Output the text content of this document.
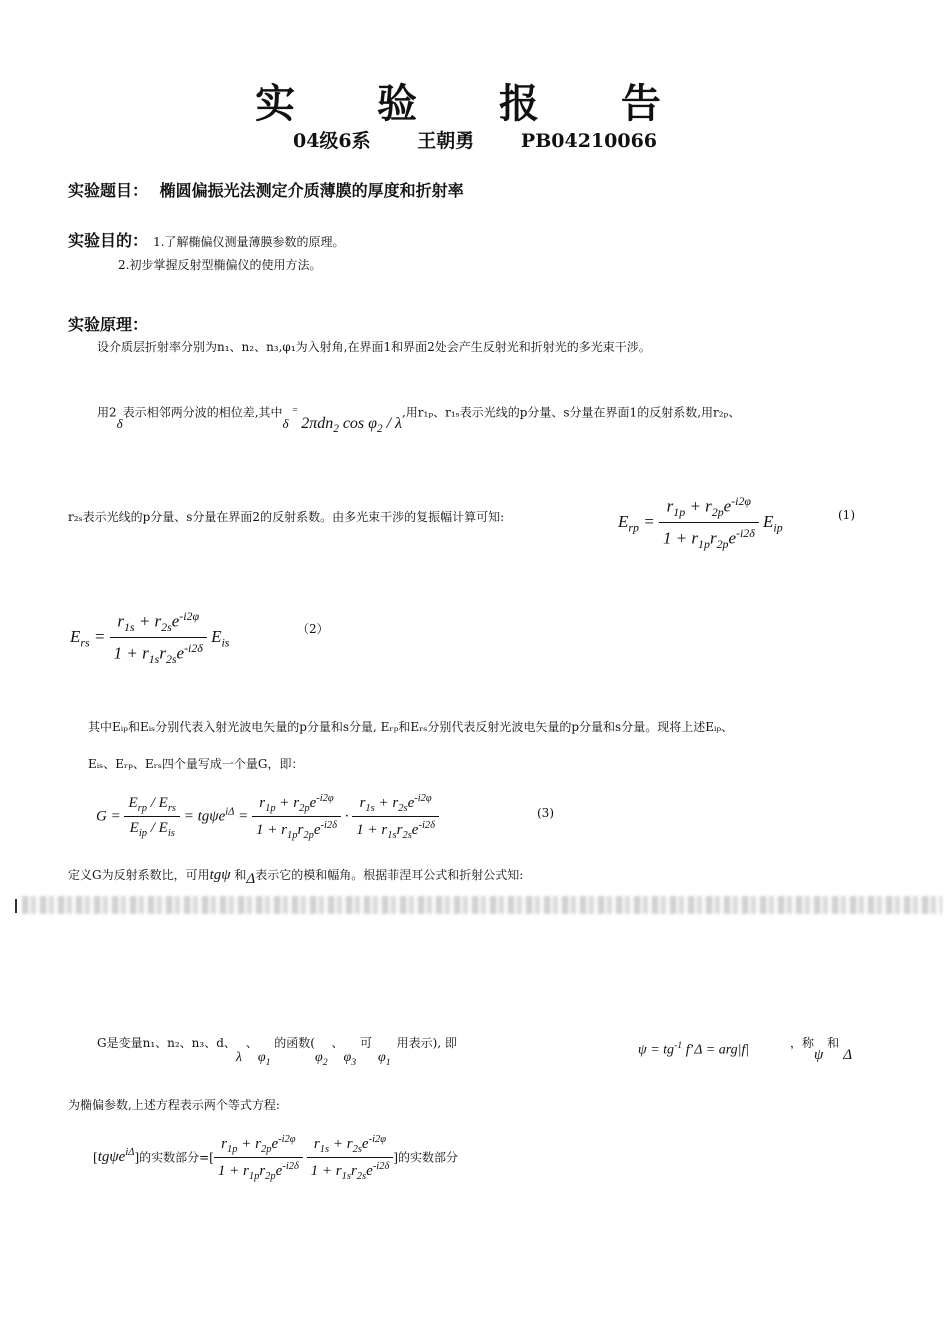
实 验 报 告
04级6系 王朝勇 PB04210066
实验题目： 椭圆偏振光法测定介质薄膜的厚度和折射率
实验目的： 1.了解椭偏仪测量薄膜参数的原理。
2.初步掌握反射型椭偏仪的使用方法。
实验原理：
设介质层折射率分别为n₁、n₂、n₃,φ₁为入射角,在界面1和界面2处会产生反射光和折射光的多光束干涉。
用2δ表示相邻两分波的相位差,其中δ = 2πdn$_2$ $\cos \varphi_2$ / λ,用r₁ₚ、r₁ₛ表示光线的p分量、s分量在界面1的反射系数,用r₂ₚ、
r₂ₛ表示光线的p分量、s分量在界面2的反射系数。由多光束干涉的复振幅计算可知:	$E_{rp} = \frac{r_{1p} + r_{2p}e^{-i2\varphi}}{1 + r_{1p}r_{2p}e^{-i2\delta}} E_{ip}$
(1)
$E_{rs} = \frac{r_{1s} + r_{2s}e^{-i2\varphi}}{1 + r_{1s}r_{2s}e^{-i2\delta}} E_{is}$
（2）
其中Eᵢₚ和Eᵢₛ分别代表入射光波电矢量的p分量和s分量, Eᵣₚ和Eᵣₛ分别代表反射光波电矢量的p分量和s分量。现将上述Eᵢₚ、
Eᵢₛ、Eᵣₚ、Eᵣₛ四个量写成一个量G，即：
$G = \frac{E_{rp} / E_{rs}}{E_{ip} / E_{is}} = tg\psi e^{i\Delta} = \frac{r_{1p} + r_{2p}e^{-i2\varphi}}{1 + r_{1p}r_{2p}e^{-i2\delta}} \cdot \frac{r_{1s} + r_{2s}e^{-i2\varphi}}{1 + r_{1s}r_{2s}e^{-i2\delta}}$	(3)
定义G为反射系数比，可用tgψ 和Δ表示它的模和幅角。根据菲涅耳公式和折射公式知:
G是变量n₁、n₂、n₃、d、λ 、$\varphi_1$ 的函数($\varphi_2$ 、$\varphi_3$ 可$\varphi_1$用表示), 即	$\psi = tg^{-1}$ f’Δ = arg|f|	，称ψ 和Δ
为椭偏参数,上述方程表示两个等式方程:
[tgψe$^{i\Delta}$]的实数部分=[ $\frac{r_{1p} + r_{2p}e^{-i2\varphi}}{1 + r_{1p}r_{2p}e^{-i2\delta}}$
$\frac{r_{1s} + r_{2s}e^{-i2\varphi}}{1 + r_{1s}r_{2s}e^{-i2\delta}}$ ]的实数部分
